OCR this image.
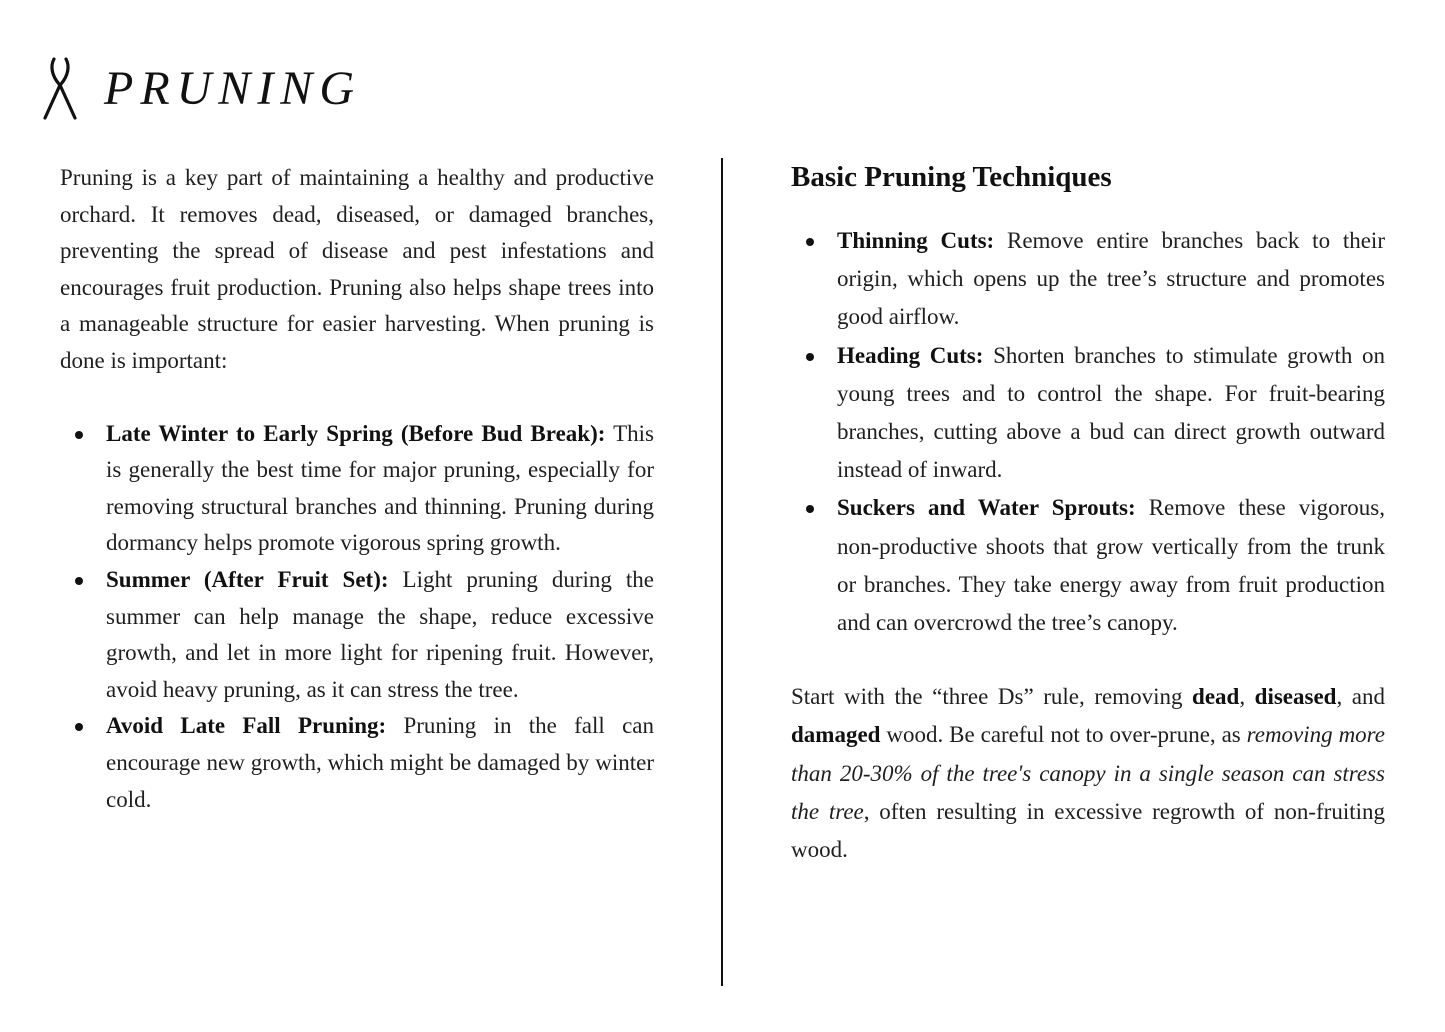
PRUNING

Pruning is a key part of maintaining a healthy and productive orchard. It removes dead, diseased, or damaged branches, preventing the spread of disease and pest infestations and encourages fruit production. Pruning also helps shape trees into a manageable structure for easier harvesting. When pruning is done is important:

Late Winter to Early Spring (Before Bud Break): This is generally the best time for major pruning, especially for removing structural branches and thinning. Pruning during dormancy helps promote vigorous spring growth.
Summer (After Fruit Set): Light pruning during the summer can help manage the shape, reduce excessive growth, and let in more light for ripening fruit. However, avoid heavy pruning, as it can stress the tree.
Avoid Late Fall Pruning: Pruning in the fall can encourage new growth, which might be damaged by winter cold.

Basic Pruning Techniques

Thinning Cuts: Remove entire branches back to their origin, which opens up the tree’s structure and promotes good airflow.
Heading Cuts: Shorten branches to stimulate growth on young trees and to control the shape. For fruit-bearing branches, cutting above a bud can direct growth outward instead of inward.
Suckers and Water Sprouts: Remove these vigorous, non-productive shoots that grow vertically from the trunk or branches. They take energy away from fruit production and can overcrowd the tree’s canopy.

Start with the “three Ds” rule, removing dead, diseased, and damaged wood. Be careful not to over-prune, as removing more than 20-30% of the tree's canopy in a single season can stress the tree, often resulting in excessive regrowth of non-fruiting wood.
